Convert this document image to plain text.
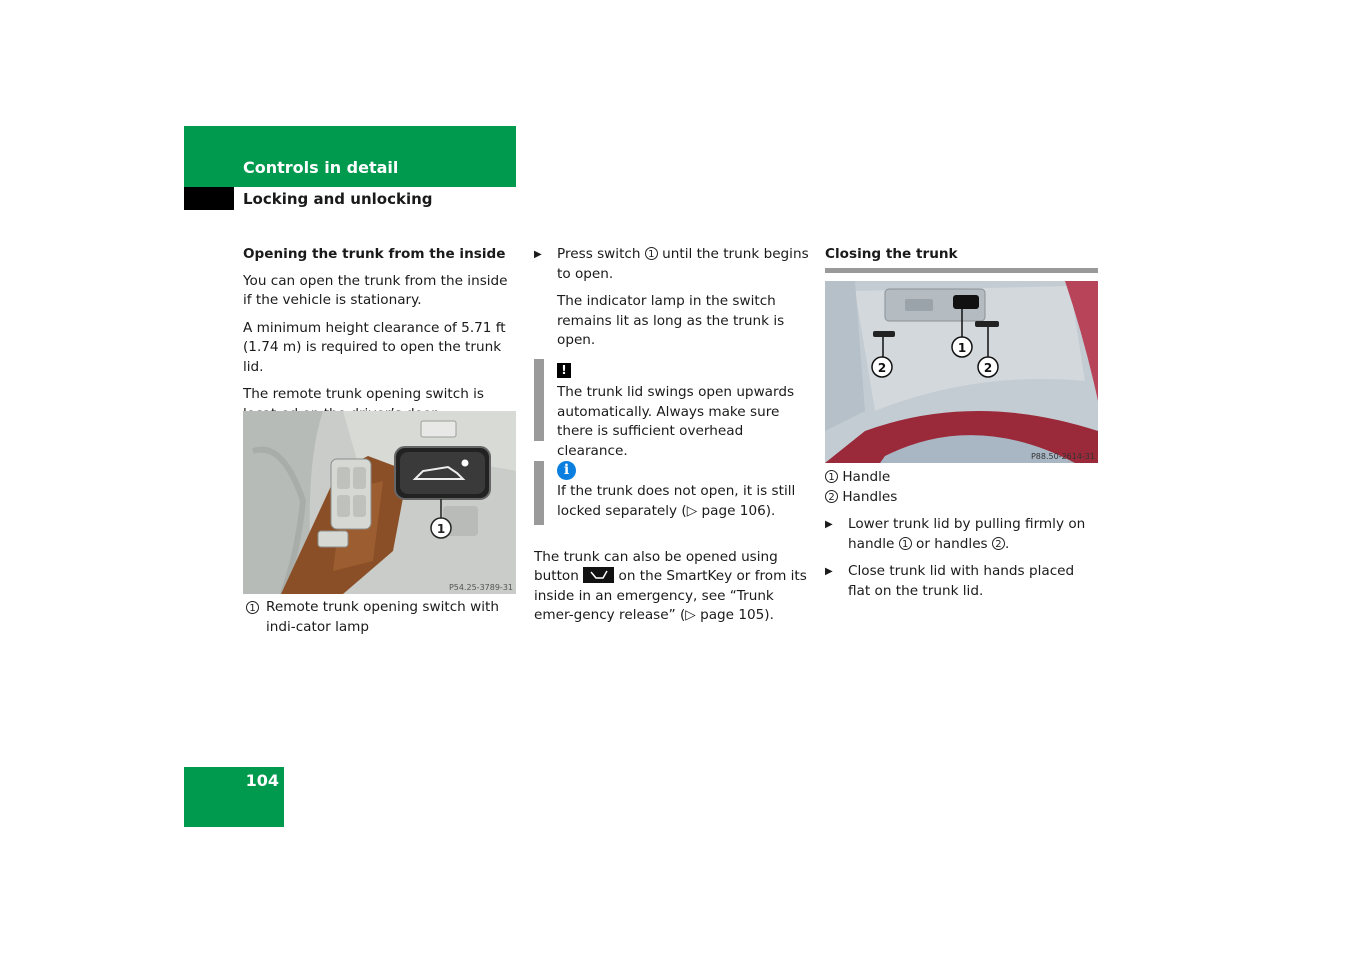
Controls in detail
Locking and unlocking
Opening the trunk from the inside

You can open the trunk from the inside if the vehicle is stationary.

A minimum height clearance of 5.71 ft (1.74 m) is required to open the trunk lid.

The remote trunk opening switch is

1
P54.25-3789-31
1 Remote trunk opening switch with indi-cator lamp
▶ Press switch 1 until the trunk begins to open.

The indicator lamp in the switch remains lit as long as the trunk is open.

!
The trunk lid swings open upwards automatically. Always make sure there is sufficient overhead clearance.
i
If the trunk does not open, it is still locked separately (▷ page 106).

The trunk can also be opened using button	on the SmartKey or from its inside in an emergency, see “Trunk emer-gency release” (▷ page 105).

Closing the trunk
1
2	2
P88.50-2614-31
1 Handle
2 Handles
▶ Lower trunk lid by pulling firmly on handle 1 or handles 2 .
▶ Close trunk lid with hands placed flat on the trunk lid.
104
